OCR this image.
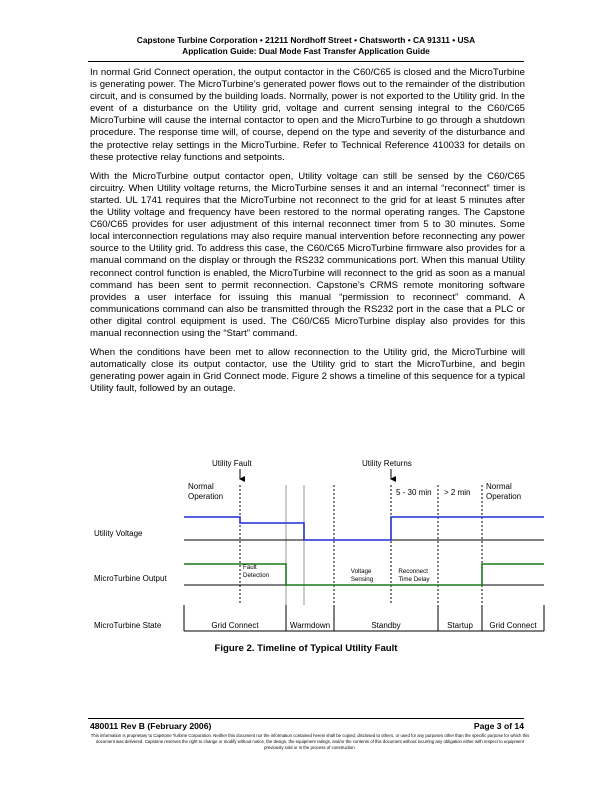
Capstone Turbine Corporation • 21211 Nordhoff Street • Chatsworth • CA 91311 • USA
Application Guide: Dual Mode Fast Transfer Application Guide

In normal Grid Connect operation, the output contactor in the C60/C65 is closed and the MicroTurbine is generating power. The MicroTurbine’s generated power flows out to the remainder of the distribution circuit, and is consumed by the building loads. Normally, power is not exported to the Utility grid. In the event of a disturbance on the Utility grid, voltage and current sensing integral to the C60/C65 MicroTurbine will cause the internal contactor to open and the MicroTurbine to go through a shutdown procedure. The response time will, of course, depend on the type and severity of the disturbance and the protective relay settings in the MicroTurbine. Refer to Technical Reference 410033 for details on these protective relay functions and setpoints.

With the MicroTurbine output contactor open, Utility voltage can still be sensed by the C60/C65 circuitry. When Utility voltage returns, the MicroTurbine senses it and an internal “reconnect” timer is started. UL 1741 requires that the MicroTurbine not reconnect to the grid for at least 5 minutes after the Utility voltage and frequency have been restored to the normal operating ranges. The Capstone C60/C65 provides for user adjustment of this internal reconnect timer from 5 to 30 minutes. Some local interconnection regulations may also require manual intervention before reconnecting any power source to the Utility grid. To address this case, the C60/C65 MicroTurbine firmware also provides for a manual command on the display or through the RS232 communications port. When this manual Utility reconnect control function is enabled, the MicroTurbine will reconnect to the grid as soon as a manual command has been sent to permit reconnection. Capstone’s CRMS remote monitoring software provides a user interface for issuing this manual “permission to reconnect” command. A communications command can also be transmitted through the RS232 port in the case that a PLC or other digital control equipment is used. The C60/C65 MicroTurbine display also provides for this manual reconnection using the “Start” command.

When the conditions have been met to allow reconnection to the Utility grid, the MicroTurbine will automatically close its output contactor, use the Utility grid to start the MicroTurbine, and begin generating power again in Grid Connect mode. Figure 2 shows a timeline of this sequence for a typical Utility fault, followed by an outage.

Utility Fault	Utility Returns
Normal Operation	5 - 30 min > 2 min
Normal Operation
Utility Voltage
MicroTurbine Output
Fault Detection
Voltage Sensing
Reconnect Time Delay
MicroTurbine State	Grid Connect	Warmdown	Standby	Startup Grid Connect
Figure 2. Timeline of Typical Utility Fault
480011 Rev B (February 2006)	Page 3 of 14
This information is proprietary to Capstone Turbine Corporation. Neither this document nor the information contained herein shall be copied, disclosed to others, or used for any purposes other than the specific purpose for which this document was delivered. Capstone reserves the right to change or modify without notice, the design, the equipment ratings, and/or the contents of this document without incurring any obligation either with respect to equipment previously sold or in the process of construction.
